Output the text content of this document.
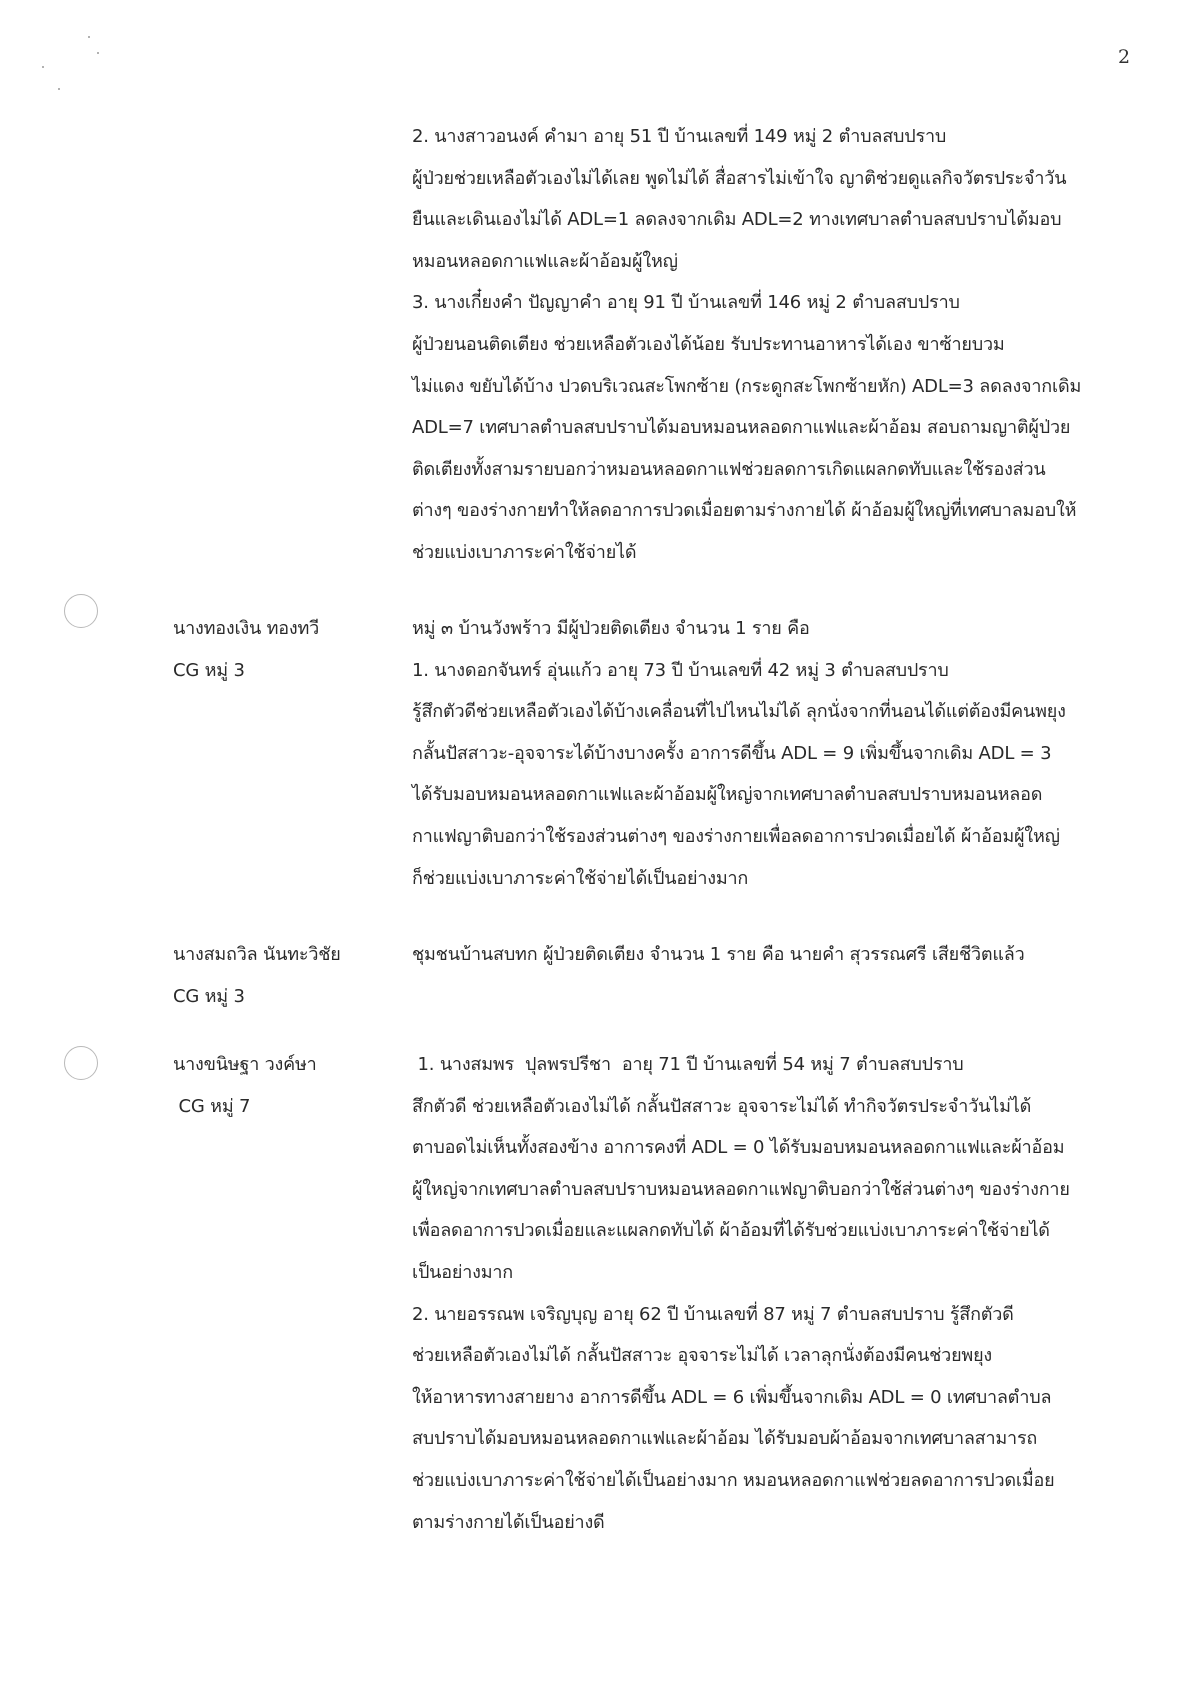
2
2. นางสาวอนงค์ คำมา อายุ 51 ปี บ้านเลขที่ 149 หมู่ 2 ตำบลสบปราบ
ผู้ป่วยช่วยเหลือตัวเองไม่ได้เลย พูดไม่ได้ สื่อสารไม่เข้าใจ ญาติช่วยดูแลกิจวัตรประจำวัน
ยืนและเดินเองไม่ได้ ADL=1 ลดลงจากเดิม ADL=2 ทางเทศบาลตำบลสบปราบได้มอบ
หมอนหลอดกาแฟและผ้าอ้อมผู้ใหญ่
3. นางเกี๋ยงคำ ปัญญาคำ อายุ 91 ปี บ้านเลขที่ 146 หมู่ 2 ตำบลสบปราบ
ผู้ป่วยนอนติดเตียง ช่วยเหลือตัวเองได้น้อย รับประทานอาหารได้เอง ขาซ้ายบวม
ไม่แดง ขยับได้บ้าง ปวดบริเวณสะโพกซ้าย (กระดูกสะโพกซ้ายหัก) ADL=3 ลดลงจากเดิม
ADL=7 เทศบาลตำบลสบปราบได้มอบหมอนหลอดกาแฟและผ้าอ้อม สอบถามญาติผู้ป่วย
ติดเตียงทั้งสามรายบอกว่าหมอนหลอดกาแฟช่วยลดการเกิดแผลกดทับและใช้รองส่วน
ต่างๆ ของร่างกายทำให้ลดอาการปวดเมื่อยตามร่างกายได้ ผ้าอ้อมผู้ใหญ่ที่เทศบาลมอบให้
ช่วยแบ่งเบาภาระค่าใช้จ่ายได้
นางทองเงิน ทองทวี
CG หมู่ 3
หมู่ ๓ บ้านวังพร้าว มีผู้ป่วยติดเตียง จำนวน 1 ราย คือ
1. นางดอกจันทร์ อุ่นแก้ว อายุ 73 ปี บ้านเลขที่ 42 หมู่ 3 ตำบลสบปราบ
รู้สึกตัวดีช่วยเหลือตัวเองได้บ้างเคลื่อนที่ไปไหนไม่ได้ ลุกนั่งจากที่นอนได้แต่ต้องมีคนพยุง
กลั้นปัสสาวะ-อุจจาระได้บ้างบางครั้ง อาการดีขึ้น ADL = 9 เพิ่มขึ้นจากเดิม ADL = 3
ได้รับมอบหมอนหลอดกาแฟและผ้าอ้อมผู้ใหญ่จากเทศบาลตำบลสบปราบหมอนหลอด
กาแฟญาติบอกว่าใช้รองส่วนต่างๆ ของร่างกายเพื่อลดอาการปวดเมื่อยได้ ผ้าอ้อมผู้ใหญ่
ก็ช่วยแบ่งเบาภาระค่าใช้จ่ายได้เป็นอย่างมาก
นางสมถวิล นันทะวิชัย
CG หมู่ 3
ชุมชนบ้านสบทก ผู้ป่วยติดเตียง จำนวน 1 ราย คือ นายคำ สุวรรณศรี เสียชีวิตแล้ว
นางขนิษฐา วงค์ษา
CG หมู่ 7
1. นางสมพร  ปุลพรปรีชา  อายุ 71 ปี บ้านเลขที่ 54 หมู่ 7 ตำบลสบปราบ
สึกตัวดี ช่วยเหลือตัวเองไม่ได้ กลั้นปัสสาวะ อุจจาระไม่ได้ ทำกิจวัตรประจำวันไม่ได้
ตาบอดไม่เห็นทั้งสองข้าง อาการคงที่ ADL = 0 ได้รับมอบหมอนหลอดกาแฟและผ้าอ้อม
ผู้ใหญ่จากเทศบาลตำบลสบปราบหมอนหลอดกาแฟญาติบอกว่าใช้ส่วนต่างๆ ของร่างกาย
เพื่อลดอาการปวดเมื่อยและแผลกดทับได้ ผ้าอ้อมที่ได้รับช่วยแบ่งเบาภาระค่าใช้จ่ายได้
เป็นอย่างมาก
2. นายอรรณพ เจริญบุญ อายุ 62 ปี บ้านเลขที่ 87 หมู่ 7 ตำบลสบปราบ รู้สึกตัวดี
ช่วยเหลือตัวเองไม่ได้ กลั้นปัสสาวะ อุจจาระไม่ได้ เวลาลุกนั่งต้องมีคนช่วยพยุง
ให้อาหารทางสายยาง อาการดีขึ้น ADL = 6 เพิ่มขึ้นจากเดิม ADL = 0 เทศบาลตำบล
สบปราบได้มอบหมอนหลอดกาแฟและผ้าอ้อม ได้รับมอบผ้าอ้อมจากเทศบาลสามารถ
ช่วยแบ่งเบาภาระค่าใช้จ่ายได้เป็นอย่างมาก หมอนหลอดกาแฟช่วยลดอาการปวดเมื่อย
ตามร่างกายได้เป็นอย่างดี
